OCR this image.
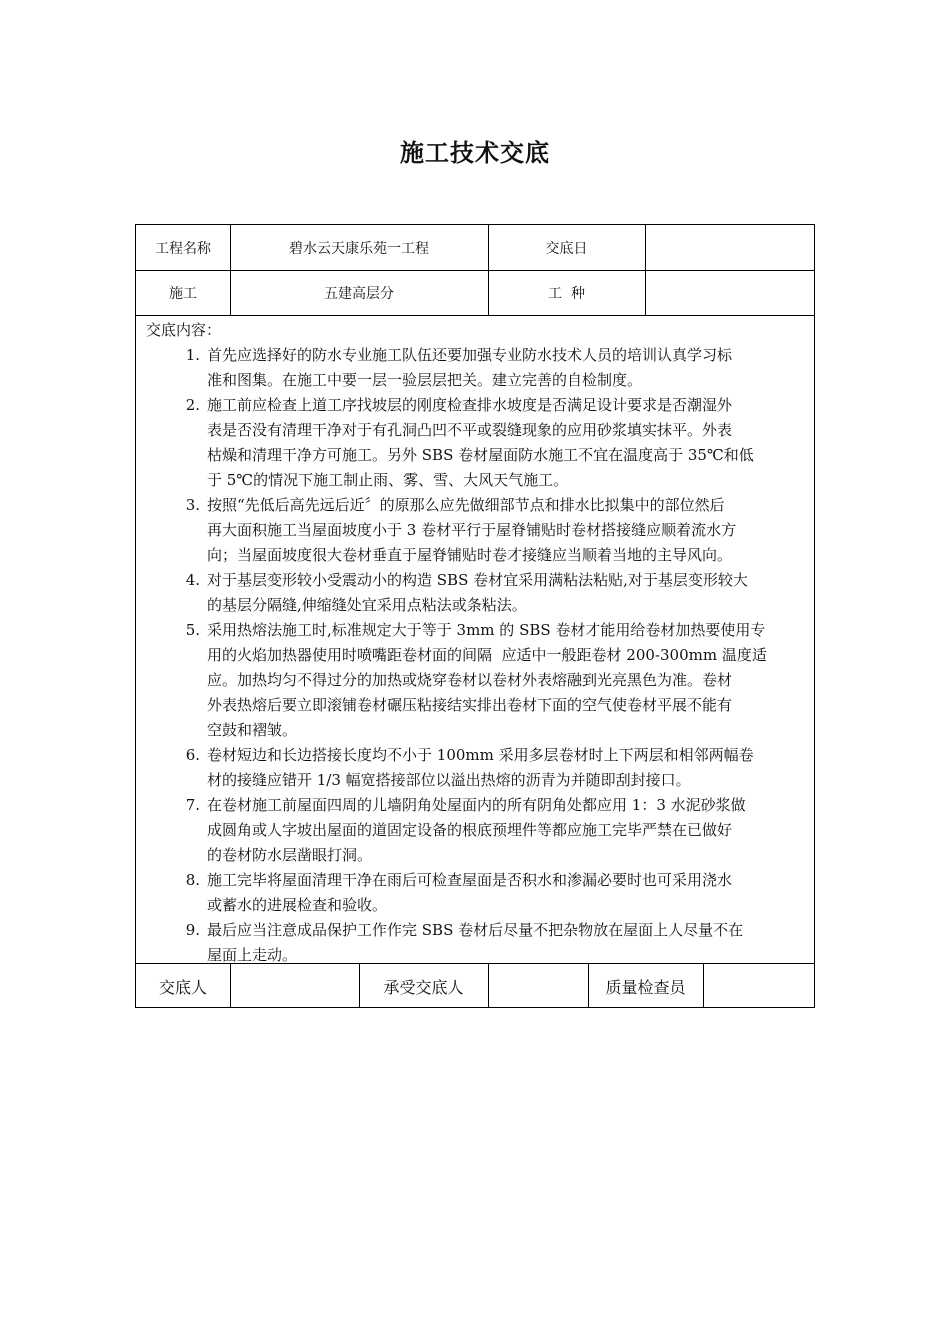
施工技术交底
工程名称	碧水云天康乐苑一工程	交底日
施工	五建高层分	工  种
交底内容：
1. 首先应选择好的防水专业施工队伍还要加强专业防水技术人员的培训认真学习标
准和图集。在施工中要一层一验层层把关。建立完善的自检制度。
2. 施工前应检查上道工序找坡层的刚度检查排水坡度是否满足设计要求是否潮湿外
表是否没有清理干净对于有孔洞凸凹不平或裂缝现象的应用砂浆填实抹平。外表
枯燥和清理干净方可施工。另外 SBS 卷材屋面防水施工不宜在温度高于 35℃和低
于 5℃的情况下施工制止雨、雾、雪、大风天气施工。
3. 按照“先低后高先远后近〞的原那么应先做细部节点和排水比拟集中的部位然后
再大面积施工当屋面坡度小于 3 卷材平行于屋脊铺贴时卷材搭接缝应顺着流水方
向；当屋面坡度很大卷材垂直于屋脊铺贴时卷才接缝应当顺着当地的主导风向。
4. 对于基层变形较小受震动小的构造 SBS 卷材宜采用满粘法粘贴,对于基层变形较大
的基层分隔缝,伸缩缝处宜采用点粘法或条粘法。
5. 采用热熔法施工时,标准规定大于等于 3mm 的 SBS 卷材才能用给卷材加热要使用专
用的火焰加热器使用时喷嘴距卷材面的间隔  应适中一般距卷材 200-300mm 温度适
应。加热均匀不得过分的加热或烧穿卷材以卷材外表熔融到光亮黑色为准。卷材
外表热熔后要立即滚铺卷材碾压粘接结实排出卷材下面的空气使卷材平展不能有
空鼓和褶皱。
6. 卷材短边和长边搭接长度均不小于 100mm 采用多层卷材时上下两层和相邻两幅卷
材的接缝应错开 1/3 幅宽搭接部位以溢出热熔的沥青为并随即刮封接口。
7. 在卷材施工前屋面四周的儿墙阴角处屋面内的所有阴角处都应用 1：3 水泥砂浆做
成圆角或人字坡出屋面的道固定设备的根底预埋件等都应施工完毕严禁在已做好
的卷材防水层凿眼打洞。
8. 施工完毕将屋面清理干净在雨后可检查屋面是否积水和渗漏必要时也可采用浇水
或蓄水的进展检查和验收。
9. 最后应当注意成品保护工作作完 SBS 卷材后尽量不把杂物放在屋面上人尽量不在
屋面上走动。
交底人	承受交底人	质量检查员
